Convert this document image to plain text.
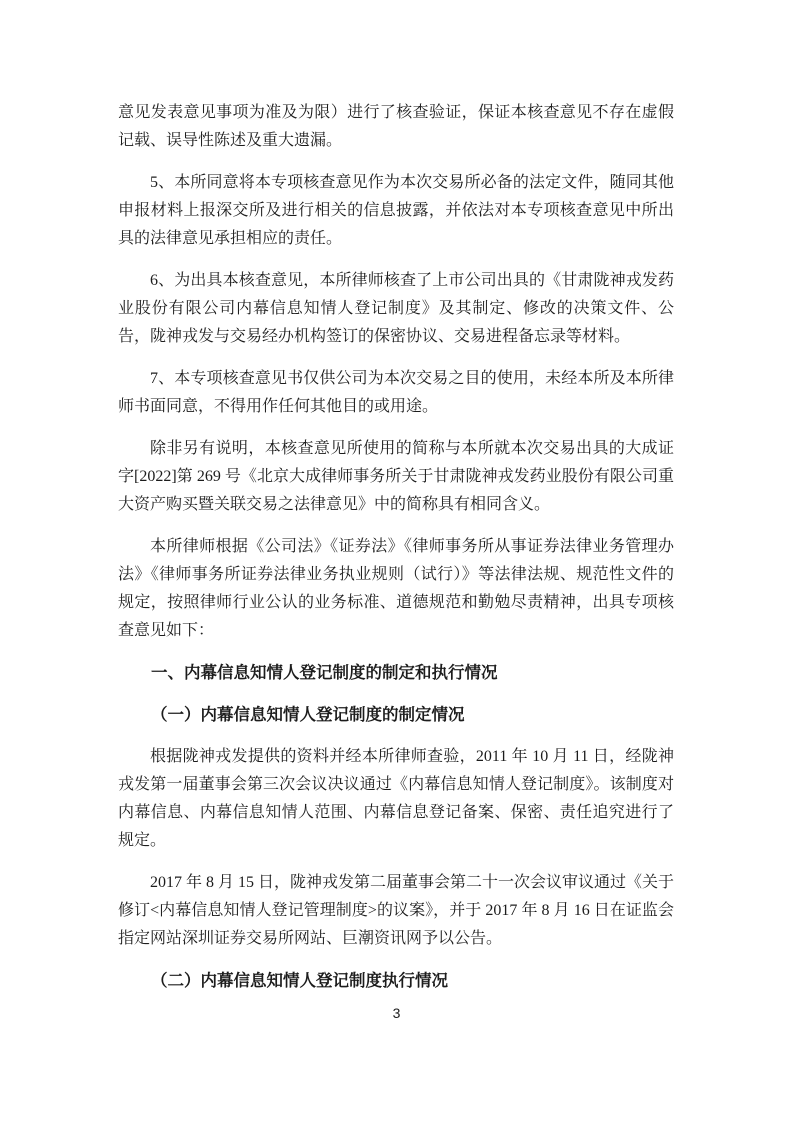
意见发表意见事项为准及为限）进行了核查验证，保证本核查意见不存在虚假记载、误导性陈述及重大遗漏。
5、本所同意将本专项核查意见作为本次交易所必备的法定文件，随同其他申报材料上报深交所及进行相关的信息披露，并依法对本专项核查意见中所出具的法律意见承担相应的责任。
6、为出具本核查意见，本所律师核查了上市公司出具的《甘肃陇神戎发药业股份有限公司内幕信息知情人登记制度》及其制定、修改的决策文件、公告，陇神戎发与交易经办机构签订的保密协议、交易进程备忘录等材料。
7、本专项核查意见书仅供公司为本次交易之目的使用，未经本所及本所律师书面同意，不得用作任何其他目的或用途。
除非另有说明，本核查意见所使用的简称与本所就本次交易出具的大成证字[2022]第 269 号《北京大成律师事务所关于甘肃陇神戎发药业股份有限公司重大资产购买暨关联交易之法律意见》中的简称具有相同含义。
本所律师根据《公司法》《证券法》《律师事务所从事证券法律业务管理办法》《律师事务所证券法律业务执业规则（试行）》等法律法规、规范性文件的规定，按照律师行业公认的业务标准、道德规范和勤勉尽责精神，出具专项核查意见如下：
一、内幕信息知情人登记制度的制定和执行情况
（一）内幕信息知情人登记制度的制定情况
根据陇神戎发提供的资料并经本所律师查验，2011 年 10 月 11 日，经陇神戎发第一届董事会第三次会议决议通过《内幕信息知情人登记制度》。该制度对内幕信息、内幕信息知情人范围、内幕信息登记备案、保密、责任追究进行了规定。
2017 年 8 月 15 日，陇神戎发第二届董事会第二十一次会议审议通过《关于修订<内幕信息知情人登记管理制度>的议案》，并于 2017 年 8 月 16 日在证监会指定网站深圳证券交易所网站、巨潮资讯网予以公告。
（二）内幕信息知情人登记制度执行情况
3
